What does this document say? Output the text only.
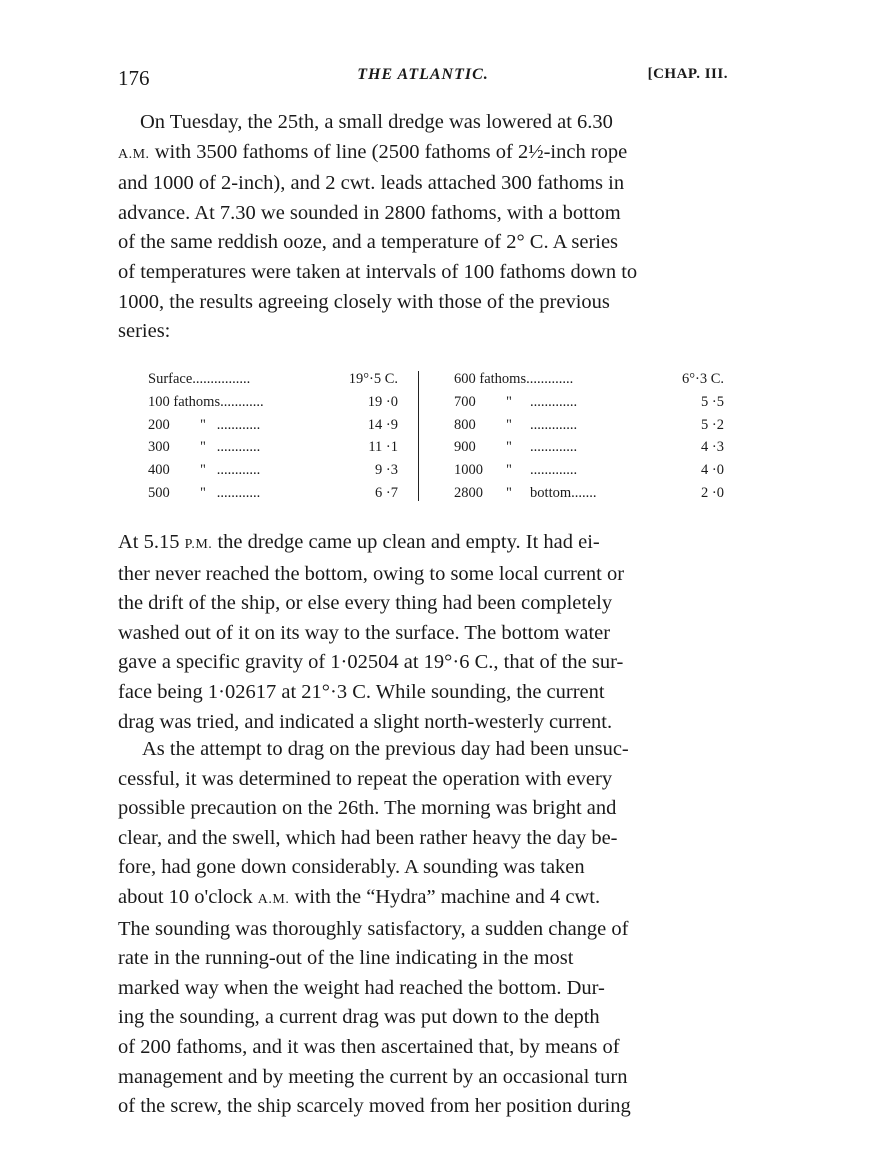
176	THE ATLANTIC.	[CHAP. III.

On Tuesday, the 25th, a small dredge was lowered at 6.30
A.M. with 3500 fathoms of line (2500 fathoms of 2½-inch rope
and 1000 of 2-inch), and 2 cwt. leads attached 300 fathoms in
advance. At 7.30 we sounded in 2800 fathoms, with a bottom
of the same reddish ooze, and a temperature of 2° C. A series
of temperatures were taken at intervals of 100 fathoms down to
1000, the results agreeing closely with those of the previous
series:

Surface................	19°·5 C.
100 fathoms............	19 ·0
200 " ............	14 ·9
300 " ............	11 ·1
400 " ............	9 ·3
500 " ............	6 ·7
600 fathoms.............	6°·3 C.
700 " .............	5 ·5
800 " .............	5 ·2
900 " .............	4 ·3
1000 " .............	4 ·0
2800 " bottom.......	2 ·0

At 5.15 P.M. the dredge came up clean and empty. It had ei-
ther never reached the bottom, owing to some local current or
the drift of the ship, or else every thing had been completely
washed out of it on its way to the surface. The bottom water
gave a specific gravity of 1·02504 at 19°·6 C., that of the sur-
face being 1·02617 at 21°·3 C. While sounding, the current
drag was tried, and indicated a slight north-westerly current.

As the attempt to drag on the previous day had been unsuc-
cessful, it was determined to repeat the operation with every
possible precaution on the 26th. The morning was bright and
clear, and the swell, which had been rather heavy the day be-
fore, had gone down considerably. A sounding was taken
about 10 o'clock A.M. with the “Hydra” machine and 4 cwt.
The sounding was thoroughly satisfactory, a sudden change of
rate in the running-out of the line indicating in the most
marked way when the weight had reached the bottom. Dur-
ing the sounding, a current drag was put down to the depth
of 200 fathoms, and it was then ascertained that, by means of
management and by meeting the current by an occasional turn
of the screw, the ship scarcely moved from her position during
